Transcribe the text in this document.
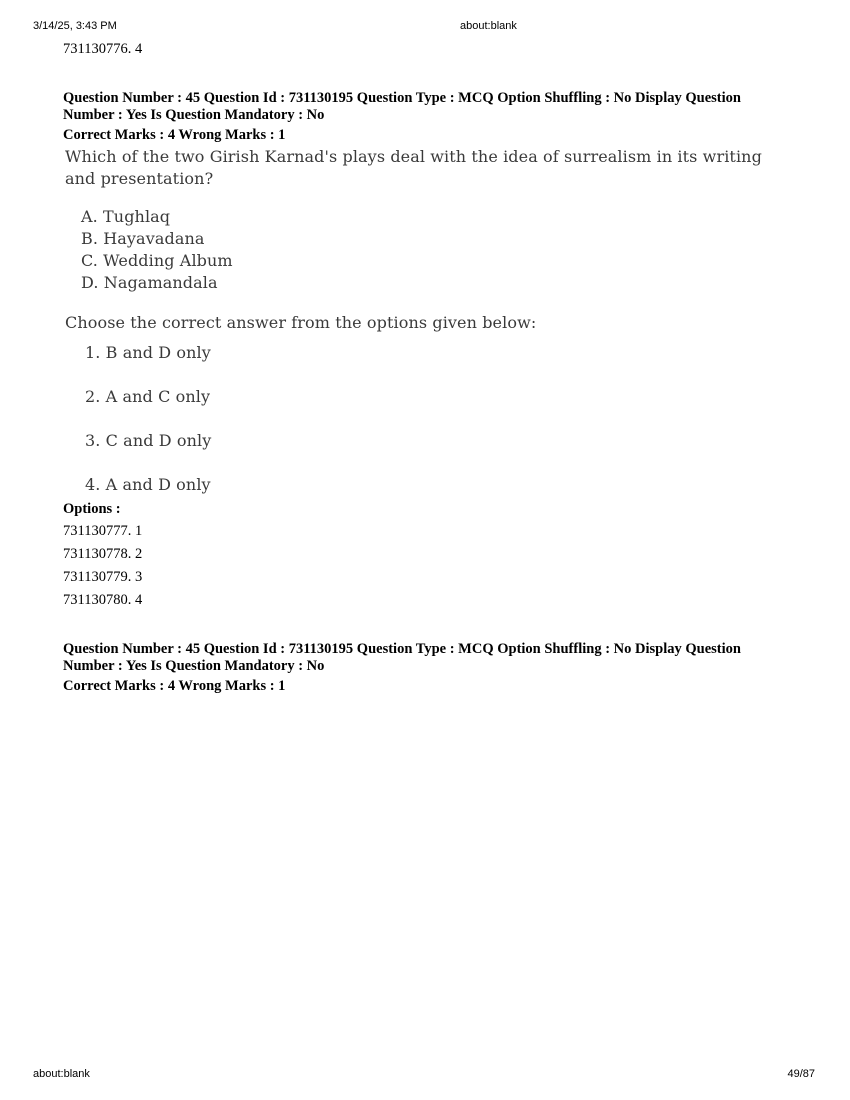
3/14/25, 3:43 PM	about:blank
731130776. 4
Question Number : 45 Question Id : 731130195 Question Type : MCQ Option Shuffling : No Display Question
Number : Yes Is Question Mandatory : No
Correct Marks : 4 Wrong Marks : 1
Which of the two Girish Karnad's plays deal with the idea of surrealism in its writing and presentation?
A. Tughlaq
B. Hayavadana
C. Wedding Album
D. Nagamandala
Choose the correct answer from the options given below:
1. B and D only
2. A and C only
3. C and D only
4. A and D only
Options :
731130777. 1
731130778. 2
731130779. 3
731130780. 4
Question Number : 45 Question Id : 731130195 Question Type : MCQ Option Shuffling : No Display Question
Number : Yes Is Question Mandatory : No
Correct Marks : 4 Wrong Marks : 1
about:blank	49/87
